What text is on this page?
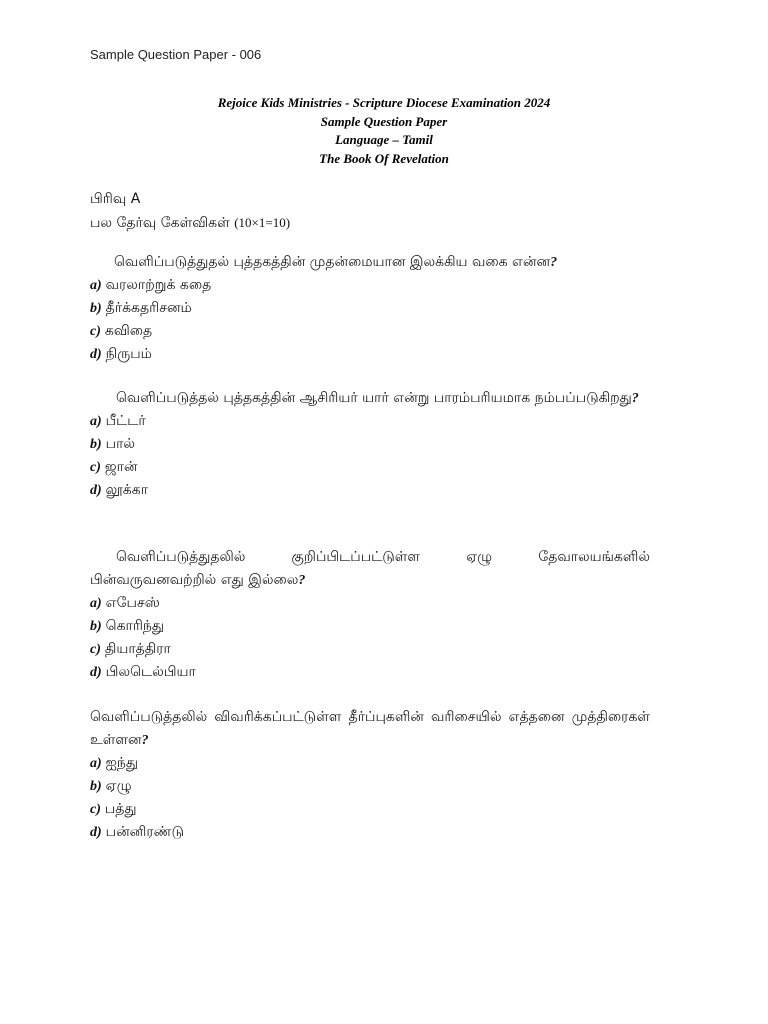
Sample Question Paper - 006
Rejoice Kids Ministries - Scripture Diocese Examination 2024
Sample Question Paper
Language – Tamil
The Book Of Revelation
பிரிவு A
பல தேர்வு கேள்விகள் (10×1=10)
வெளிப்படுத்துதல் புத்தகத்தின் முதன்மையான இலக்கிய வகை என்ன?
a) வரலாற்றுக் கதை
b) தீர்க்கதரிசனம்
c) கவிதை
d) நிருபம்
வெளிப்படுத்தல் புத்தகத்தின் ஆசிரியர் யார் என்று பாரம்பரியமாக நம்பப்படுகிறது?
a) பீட்டர்
b) பால்
c) ஜான்
d) லூக்கா
வெளிப்படுத்துதலில் குறிப்பிடப்பட்டுள்ள ஏழு தேவாலயங்களில் பின்வருவனவற்றில் எது இல்லை?
a) எபேசஸ்
b) கொரிந்து
c) தியாத்திரா
d) பிலடெல்பியா
வெளிப்படுத்தலில் விவரிக்கப்பட்டுள்ள தீர்ப்புகளின் வரிசையில் எத்தனை முத்திரைகள் உள்ளன?
a) ஐந்து
b) ஏழு
c) பத்து
d) பன்னிரண்டு
